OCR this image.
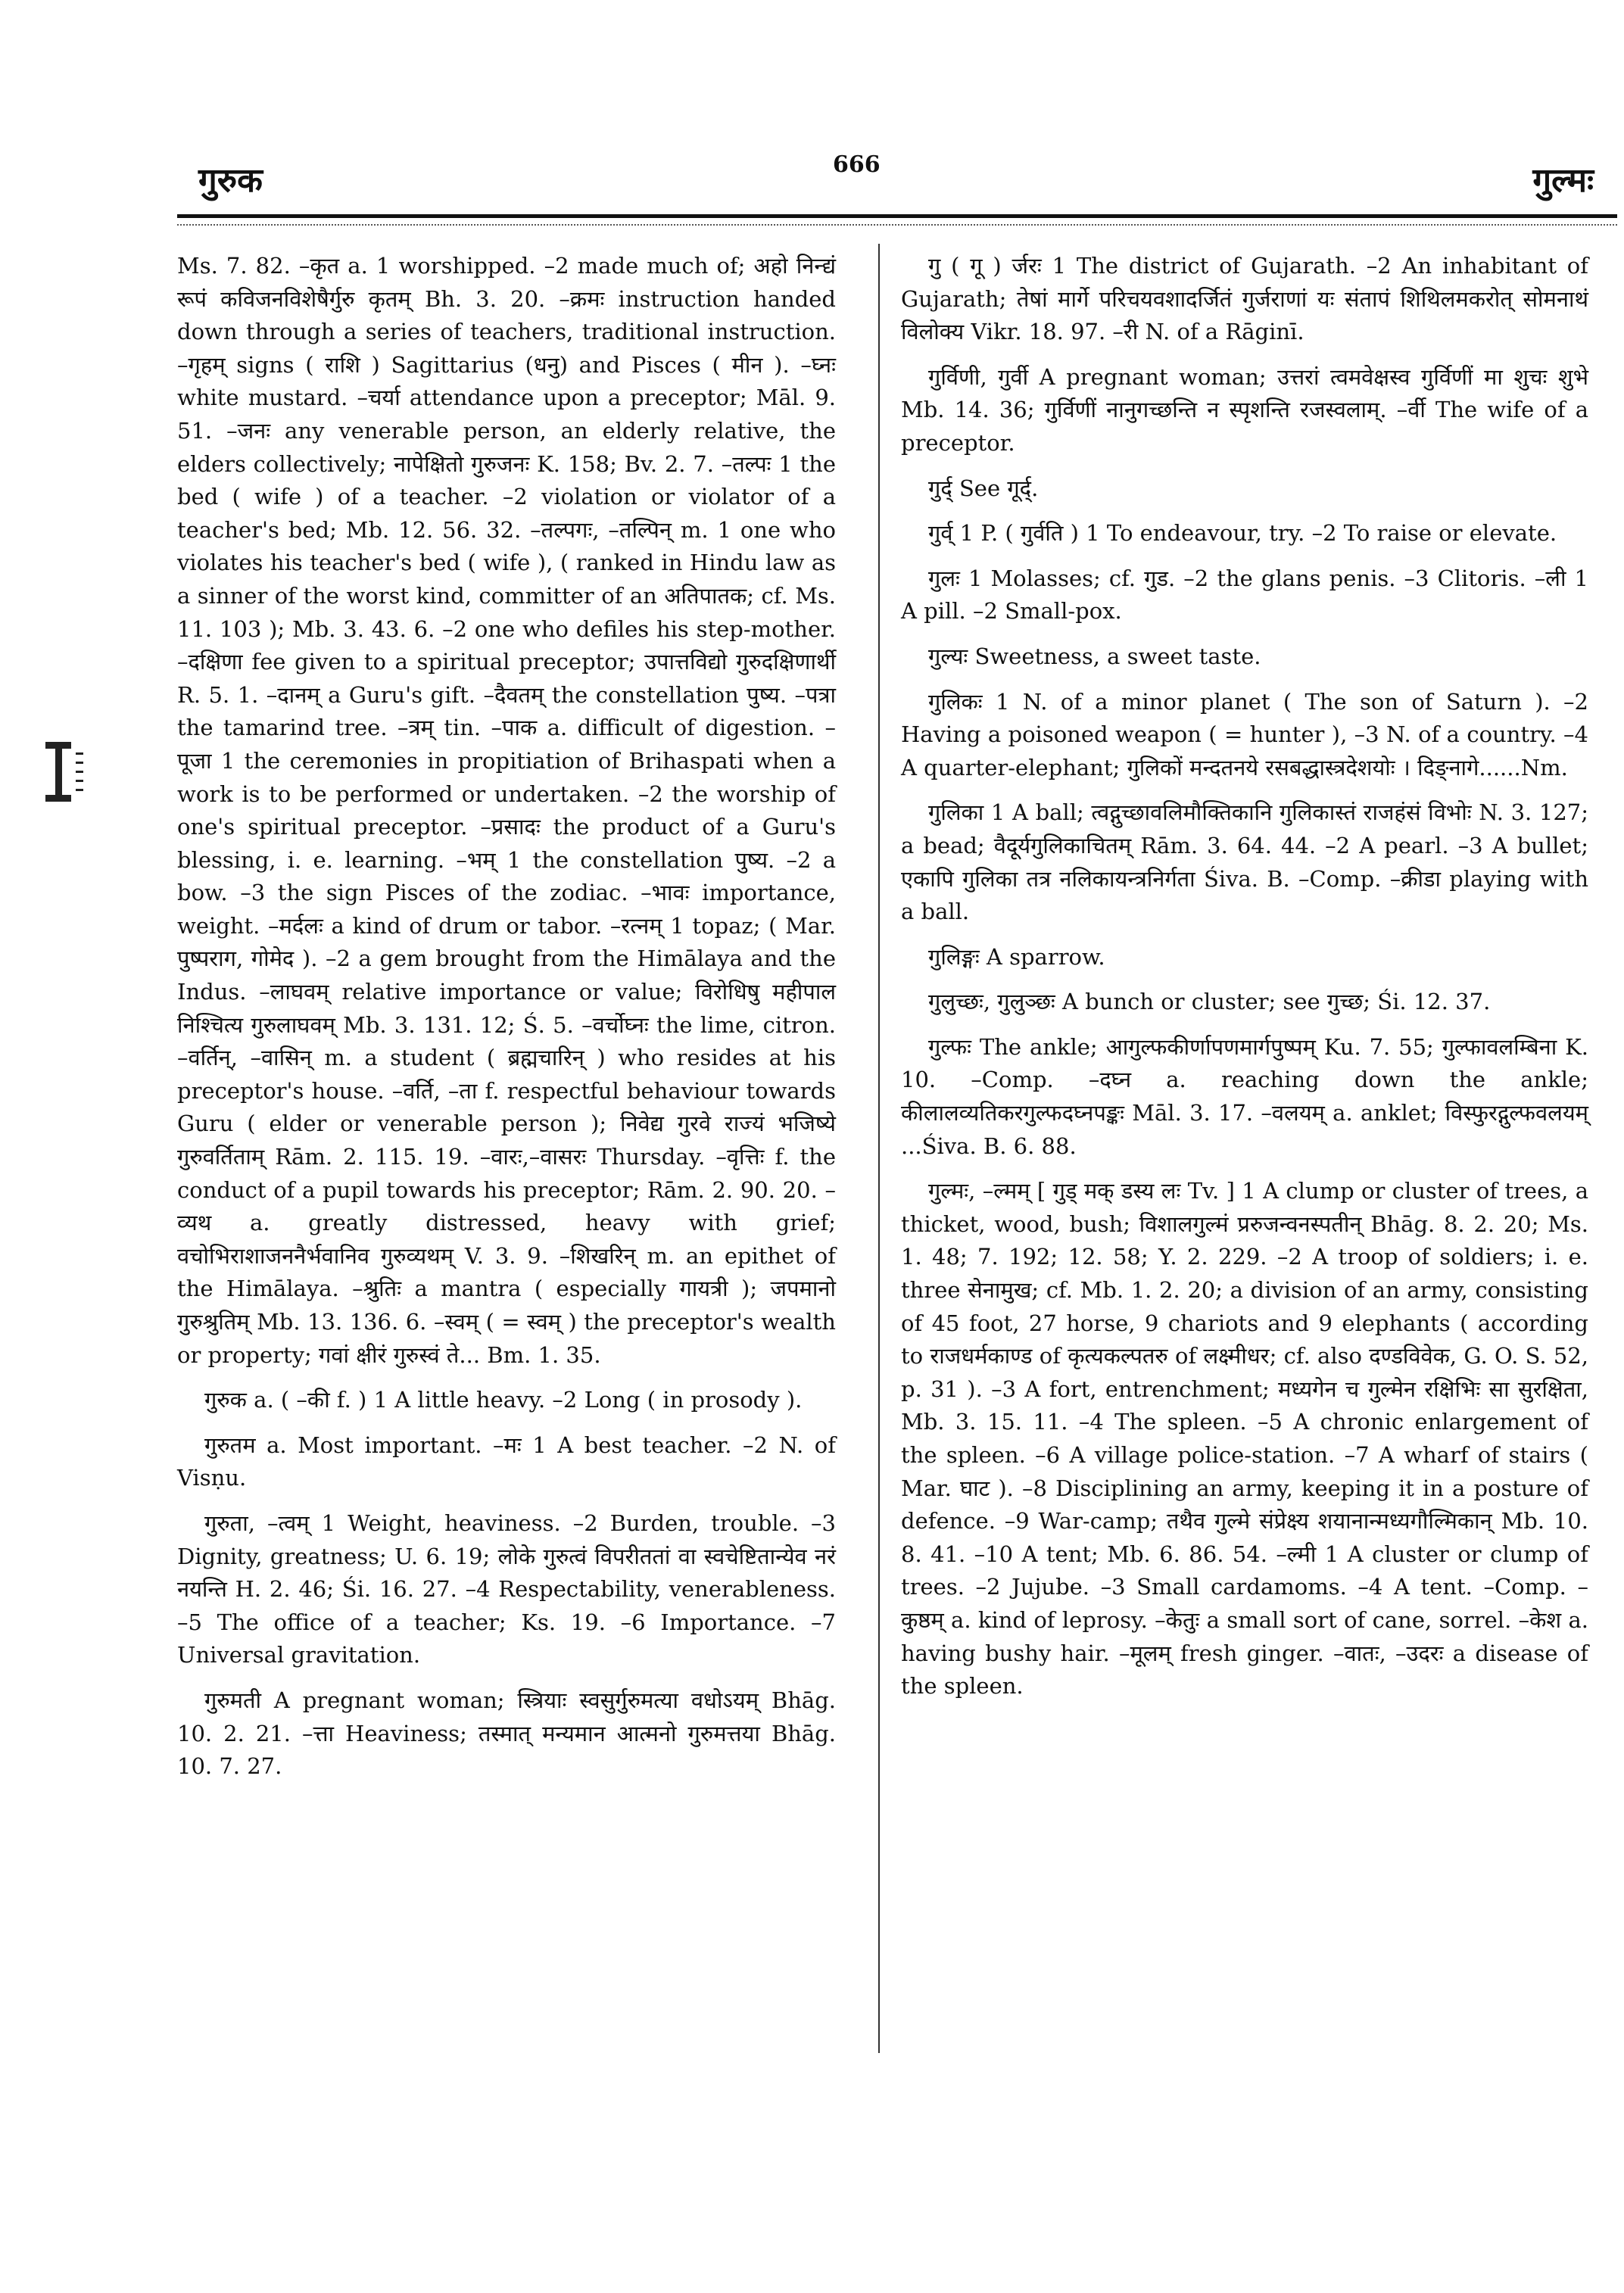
गुरुक	666	गुल्मः

Ms. 7. 82. –कृत a. 1 worshipped. –2 made much of; अहो निन्द्यं रूपं कविजनविशेषैर्गुरु कृतम् Bh. 3. 20. –क्रमः instruction handed down through a series of teachers, traditional instruction. –गृहम् signs ( राशि ) Sagittarius (धनु) and Pisces ( मीन ). –घ्नः white mustard. –चर्या attendance upon a preceptor; Māl. 9. 51. –जनः any venerable person, an elderly relative, the elders collectively; नापेक्षितो गुरुजनः K. 158; Bv. 2. 7. –तल्पः 1 the bed ( wife ) of a teacher. –2 violation or violator of a teacher's bed; Mb. 12. 56. 32. –तल्पगः, –तल्पिन् m. 1 one who violates his teacher's bed ( wife ), ( ranked in Hindu law as a sinner of the worst kind, committer of an अतिपातक; cf. Ms. 11. 103 ); Mb. 3. 43. 6. –2 one who defiles his step-mother. –दक्षिणा fee given to a spiritual preceptor; उपात्तविद्यो गुरुदक्षिणार्थी R. 5. 1. –दानम् a Guru's gift. –दैवतम् the constellation पुष्य. –पत्रा the tamarind tree. –त्रम् tin. –पाक a. difficult of digestion. –पूजा 1 the ceremonies in propitiation of Brihaspati when a work is to be performed or undertaken. –2 the worship of one's spiritual preceptor. –प्रसादः the product of a Guru's blessing, i. e. learning. –भम् 1 the constellation पुष्य. –2 a bow. –3 the sign Pisces of the zodiac. –भावः importance, weight. –मर्दलः a kind of drum or tabor. –रत्नम् 1 topaz; ( Mar. पुष्पराग, गोमेद ). –2 a gem brought from the Himālaya and the Indus. –लाघवम् relative importance or value; विरोधिषु महीपाल निश्चित्य गुरुलाघवम् Mb. 3. 131. 12; Ś. 5. –वर्चोघ्नः the lime, citron. –वर्तिन्, –वासिन् m. a student ( ब्रह्मचारिन् ) who resides at his preceptor's house. –वर्ति, –ता f. respectful behaviour towards Guru ( elder or venerable person ); निवेद्य गुरवे राज्यं भजिष्ये गुरुवर्तिताम् Rām. 2. 115. 19. –वारः,–वासरः Thursday. –वृत्तिः f. the conduct of a pupil towards his preceptor; Rām. 2. 90. 20. –व्यथ a. greatly distressed, heavy with grief; वचोभिराशाजननैर्भवानिव गुरुव्यथम् V. 3. 9. –शिखरिन् m. an epithet of the Himālaya. –श्रुतिः a mantra ( especially गायत्री ); जपमानो गुरुश्रुतिम् Mb. 13. 136. 6. –स्वम् ( = स्वम् ) the preceptor's wealth or property; गवां क्षीरं गुरुस्वं ते... Bm. 1. 35.

गुरुक a. ( –की f. ) 1 A little heavy. –2 Long ( in prosody ).

गुरुतम a. Most important. –मः 1 A best teacher. –2 N. of Visṇu.

गुरुता, –त्वम् 1 Weight, heaviness. –2 Burden, trouble. –3 Dignity, greatness; U. 6. 19; लोके गुरुत्वं विपरीततां वा स्वचेष्टितान्येव नरं नयन्ति H. 2. 46; Śi. 16. 27. –4 Respectability, venerableness. –5 The office of a teacher; Ks. 19. –6 Importance. –7 Universal gravitation.

गुरुमती A pregnant woman; स्त्रियाः स्वसुर्गुरुमत्या वधोऽयम् Bhāg. 10. 2. 21. –त्ता Heaviness; तस्मात् मन्यमान आत्मनो गुरुमत्तया Bhāg. 10. 7. 27.

गु ( गू ) र्जरः 1 The district of Gujarath. –2 An inhabitant of Gujarath; तेषां मार्गे परिचयवशादर्जितं गुर्जराणां यः संतापं शिथिलमकरोत् सोमनाथं विलोक्य Vikr. 18. 97. –री N. of a Rāginī.

गुर्विणी, गुर्वी A pregnant woman; उत्तरां त्वमवेक्षस्व गुर्विणीं मा शुचः शुभे Mb. 14. 36; गुर्विणीं नानुगच्छन्ति न स्पृशन्ति रजस्वलाम्. –र्वी The wife of a preceptor.

गुर्द् See गूर्द्.

गुर्व् 1 P. ( गुर्वति ) 1 To endeavour, try. –2 To raise or elevate.

गुलः 1 Molasses; cf. गुड. –2 the glans penis. –3 Clitoris. –ली 1 A pill. –2 Small-pox.

गुल्यः Sweetness, a sweet taste.

गुलिकः 1 N. of a minor planet ( The son of Saturn ). –2 Having a poisoned weapon ( = hunter ), –3 N. of a country. –4 A quarter-elephant; गुलिकों मन्दतनये रसबद्धास्त्रदेशयोः । दिङ्नागे......Nm.

गुलिका 1 A ball; त्वद्गुच्छावलिमौक्तिकानि गुलिकास्तं राजहंसं विभोः N. 3. 127; a bead; वैदूर्यगुलिकाचितम् Rām. 3. 64. 44. –2 A pearl. –3 A bullet; एकापि गुलिका तत्र नलिकायन्त्रनिर्गता Śiva. B. –Comp. –क्रीडा playing with a ball.

गुलिङ्गः A sparrow.

गुलुच्छः, गुलुञ्छः A bunch or cluster; see गुच्छ; Śi. 12. 37.

गुल्फः The ankle; आगुल्फकीर्णापणमार्गपुष्पम् Ku. 7. 55; गुल्फावलम्बिना K. 10. –Comp. –दघ्न a. reaching down the ankle; कीलालव्यतिकरगुल्फदघ्नपङ्कः Māl. 3. 17. –वलयम् a. anklet; विस्फुरद्गुल्फवलयम् ...Śiva. B. 6. 88.

गुल्मः, –ल्मम् [ गुड् मक् डस्य लः Tv. ] 1 A clump or cluster of trees, a thicket, wood, bush; विशालगुल्मं प्ररुजन्वनस्पतीन् Bhāg. 8. 2. 20; Ms. 1. 48; 7. 192; 12. 58; Y. 2. 229. –2 A troop of soldiers; i. e. three सेनामुख; cf. Mb. 1. 2. 20; a division of an army, consisting of 45 foot, 27 horse, 9 chariots and 9 elephants ( according to राजधर्मकाण्ड of कृत्यकल्पतरु of लक्ष्मीधर; cf. also दण्डविवेक, G. O. S. 52, p. 31 ). –3 A fort, entrenchment; मध्यगेन च गुल्मेन रक्षिभिः सा सुरक्षिता, Mb. 3. 15. 11. –4 The spleen. –5 A chronic enlargement of the spleen. –6 A village police-station. –7 A wharf of stairs ( Mar. घाट ). –8 Disciplining an army, keeping it in a posture of defence. –9 War-camp; तथैव गुल्मे संप्रेक्ष्य शयानान्मध्यगौल्मिकान् Mb. 10. 8. 41. –10 A tent; Mb. 6. 86. 54. –ल्मी 1 A cluster or clump of trees. –2 Jujube. –3 Small cardamoms. –4 A tent. –Comp. –कुष्ठम् a. kind of leprosy. –केतुः a small sort of cane, sorrel. –केश a. having bushy hair. –मूलम् fresh ginger. –वातः, –उदरः a disease of the spleen.
